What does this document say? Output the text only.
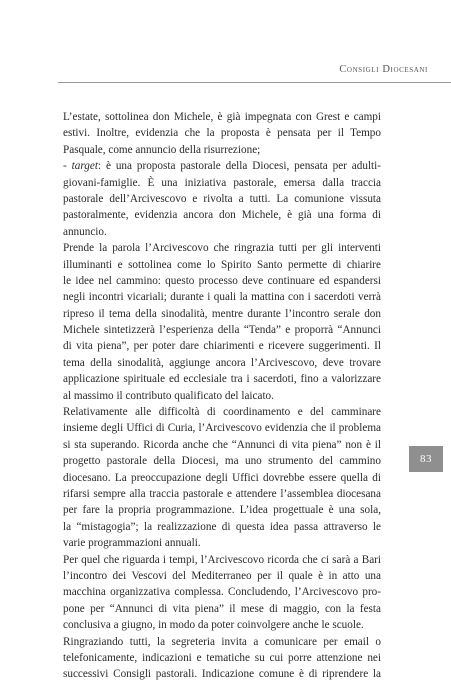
Consigli Diocesani
L’estate, sottolinea don Michele, è già impegnata con Grest e campi
estivi. Inoltre, evidenzia che la proposta è pensata per il Tempo
Pasquale, come annuncio della risurrezione;
- target: è una proposta pastorale della Diocesi, pensata per adulti-
giovani-famiglie. È una iniziativa pastorale, emersa dalla traccia
pastorale dell’Arcivescovo e rivolta a tutti. La comunione vissuta
pastoralmente, evidenzia ancora don Michele, è già una forma di
annuncio.
Prende la parola l’Arcivescovo che ringrazia tutti per gli interventi
illuminanti e sottolinea come lo Spirito Santo permette di chiarire
le idee nel cammino: questo processo deve continuare ed espandersi
negli incontri vicariali; durante i quali la mattina con i sacerdoti verrà
ripreso il tema della sinodalità, mentre durante l’incontro serale don
Michele sintetizzerà l’esperienza della “Tenda” e proporrà “Annunci
di vita piena”, per poter dare chiarimenti e ricevere suggerimenti. Il
tema della sinodalità, aggiunge ancora l’Arcivescovo, deve trovare
applicazione spirituale ed ecclesiale tra i sacerdoti, fino a valorizzare
al massimo il contributo qualificato del laicato.
Relativamente alle difficoltà di coordinamento e del camminare
insieme degli Uffici di Curia, l’Arcivescovo evidenzia che il problema
si sta superando. Ricorda anche che “Annunci di vita piena” non è il
progetto pastorale della Diocesi, ma uno strumento del cammino
diocesano. La preoccupazione degli Uffici dovrebbe essere quella di
rifarsi sempre alla traccia pastorale e attendere l’assemblea diocesana
per fare la propria programmazione. L’idea progettuale è una sola,
la “mistagogia”; la realizzazione di questa idea passa attraverso le
varie programmazioni annuali.
Per quel che riguarda i tempi, l’Arcivescovo ricorda che ci sarà a Bari
l’incontro dei Vescovi del Mediterraneo per il quale è in atto una
macchina organizzativa complessa. Concludendo, l’Arcivescovo pro-
pone per “Annunci di vita piena” il mese di maggio, con la festa
conclusiva a giugno, in modo da poter coinvolgere anche le scuole.
Ringraziando tutti, la segreteria invita a comunicare per email o
telefonicamente, indicazioni e tematiche su cui porre attenzione nei
successivi Consigli pastorali. Indicazione comune è di riprendere la
83
